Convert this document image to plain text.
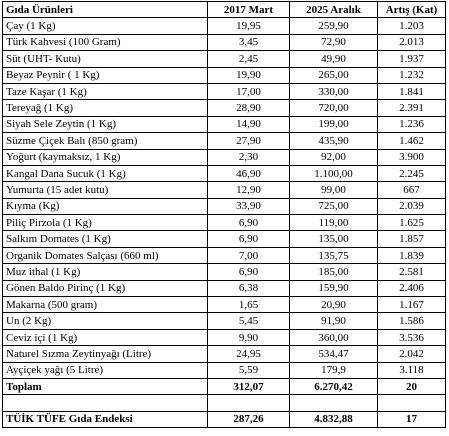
Gıda Ürünleri	2017 Mart	2025 Aralık	Artış (Kat)
Çay (1 Kg)	19,95	259,90	1.203
Türk Kahvesi (100 Gram)	3,45	72,90	2.013
Süt (UHT- Kutu)	2,45	49,90	1.937
Beyaz Peynir ( 1 Kg)	19,90	265,00	1.232
Taze Kaşar (1 Kg)	17,00	330,00	1.841
Tereyağ (1 Kg)	28,90	720,00	2.391
Siyah Sele Zeytin (1 Kg)	14,90	199,00	1.236
Süzme Çiçek Balı (850 gram)	27,90	435,90	1.462
Yoğurt (kaymaksız, 1 Kg)	2,30	92,00	3.900
Kangal Dana Sucuk (1 Kg)	46,90	1.100,00	2.245
Yumurta (15 adet kutu)	12,90	99,00	667
Kıyma (Kg)	33,90	725,00	2.039
Piliç Pirzola (1 Kg)	6,90	119,00	1.625
Salkım Domates (1 Kg)	6,90	135,00	1.857
Organik Domates Salçası (660 ml)	7,00	135,75	1.839
Muz ithal (1 Kg)	6,90	185,00	2.581
Gönen Baldo Pirinç (1 Kg)	6,38	159,90	2.406
Makarna (500 gram)	1,65	20,90	1.167
Un (2 Kg)	5,45	91,90	1.586
Ceviz içi (1 Kg)	9,90	360,00	3.536
Naturel Sızma Zeytinyağı (Litre)	24,95	534,47	2.042
Ayçiçek yağı (5 Litre)	5,59	179,9	3.118
Toplam	312,07	6.270,42	20

TÜİK TÜFE Gıda Endeksi	287,26	4.832,88	17
